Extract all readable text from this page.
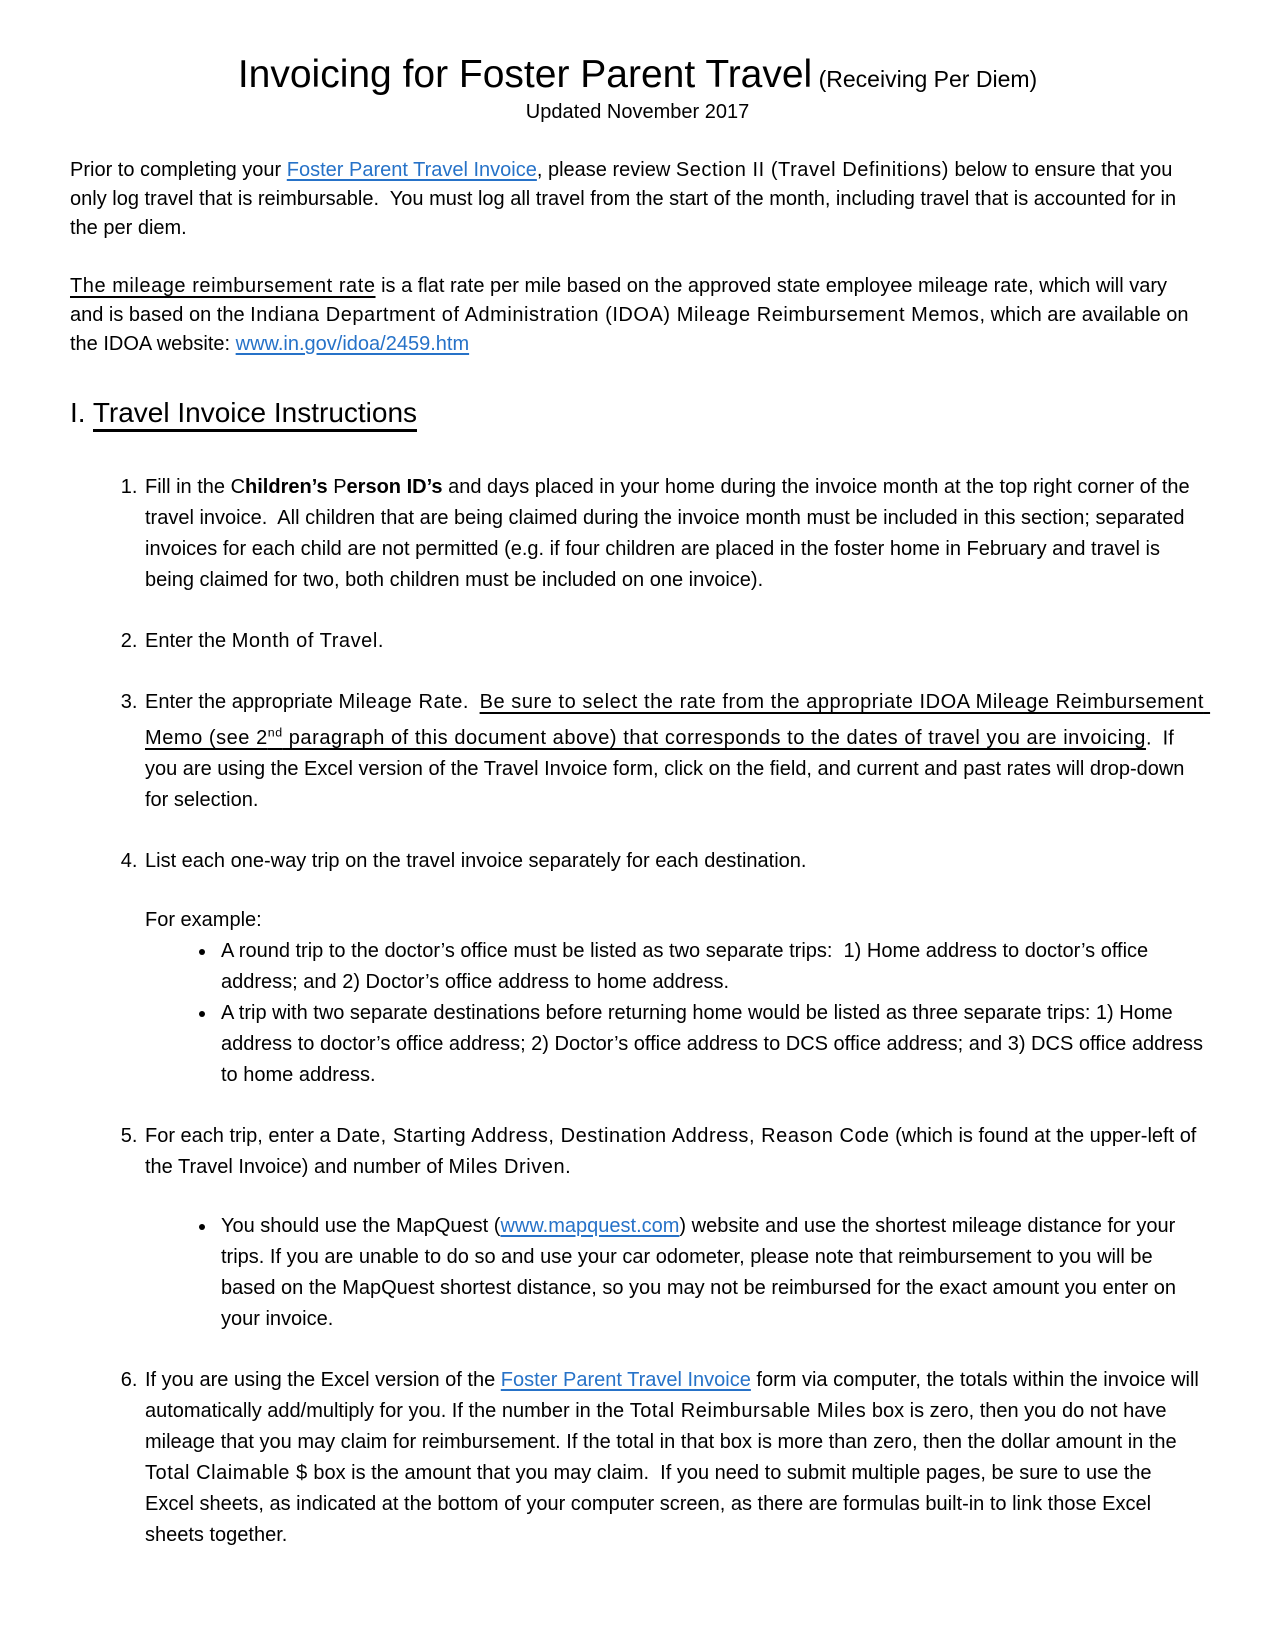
Invoicing for Foster Parent Travel (Receiving Per Diem)
Updated November 2017

Prior to completing your Foster Parent Travel Invoice, please review Section II (Travel Definitions) below to ensure that you only log travel that is reimbursable.  You must log all travel from the start of the month, including travel that is accounted for in the per diem.

The mileage reimbursement rate is a flat rate per mile based on the approved state employee mileage rate, which will vary and is based on the Indiana Department of Administration (IDOA) Mileage Reimbursement Memos, which are available on the IDOA website: www.in.gov/idoa/2459.htm

I. Travel Invoice Instructions
1. Fill in the Children’s Person ID’s and days placed in your home during the invoice month at the top right corner of the travel invoice.  All children that are being claimed during the invoice month must be included in this section; separated invoices for each child are not permitted (e.g. if four children are placed in the foster home in February and travel is being claimed for two, both children must be included on one invoice).
2. Enter the Month of Travel.
3. Enter the appropriate Mileage Rate.  Be sure to select the rate from the appropriate IDOA Mileage Reimbursement Memo (see 2nd paragraph of this document above) that corresponds to the dates of travel you are invoicing.  If you are using the Excel version of the Travel Invoice form, click on the field, and current and past rates will drop-down for selection.
4. List each one-way trip on the travel invoice separately for each destination.
For example:
• A round trip to the doctor’s office must be listed as two separate trips:  1) Home address to doctor’s office address; and 2) Doctor’s office address to home address.
• A trip with two separate destinations before returning home would be listed as three separate trips: 1) Home address to doctor’s office address; 2) Doctor’s office address to DCS office address; and 3) DCS office address to home address.
5. For each trip, enter a Date, Starting Address, Destination Address, Reason Code (which is found at the upper-left of the Travel Invoice) and number of Miles Driven.
• You should use the MapQuest (www.mapquest.com) website and use the shortest mileage distance for your trips. If you are unable to do so and use your car odometer, please note that reimbursement to you will be based on the MapQuest shortest distance, so you may not be reimbursed for the exact amount you enter on your invoice.
6. If you are using the Excel version of the Foster Parent Travel Invoice form via computer, the totals within the invoice will automatically add/multiply for you. If the number in the Total Reimbursable Miles box is zero, then you do not have mileage that you may claim for reimbursement. If the total in that box is more than zero, then the dollar amount in the Total Claimable $ box is the amount that you may claim.  If you need to submit multiple pages, be sure to use the Excel sheets, as indicated at the bottom of your computer screen, as there are formulas built-in to link those Excel sheets together.
